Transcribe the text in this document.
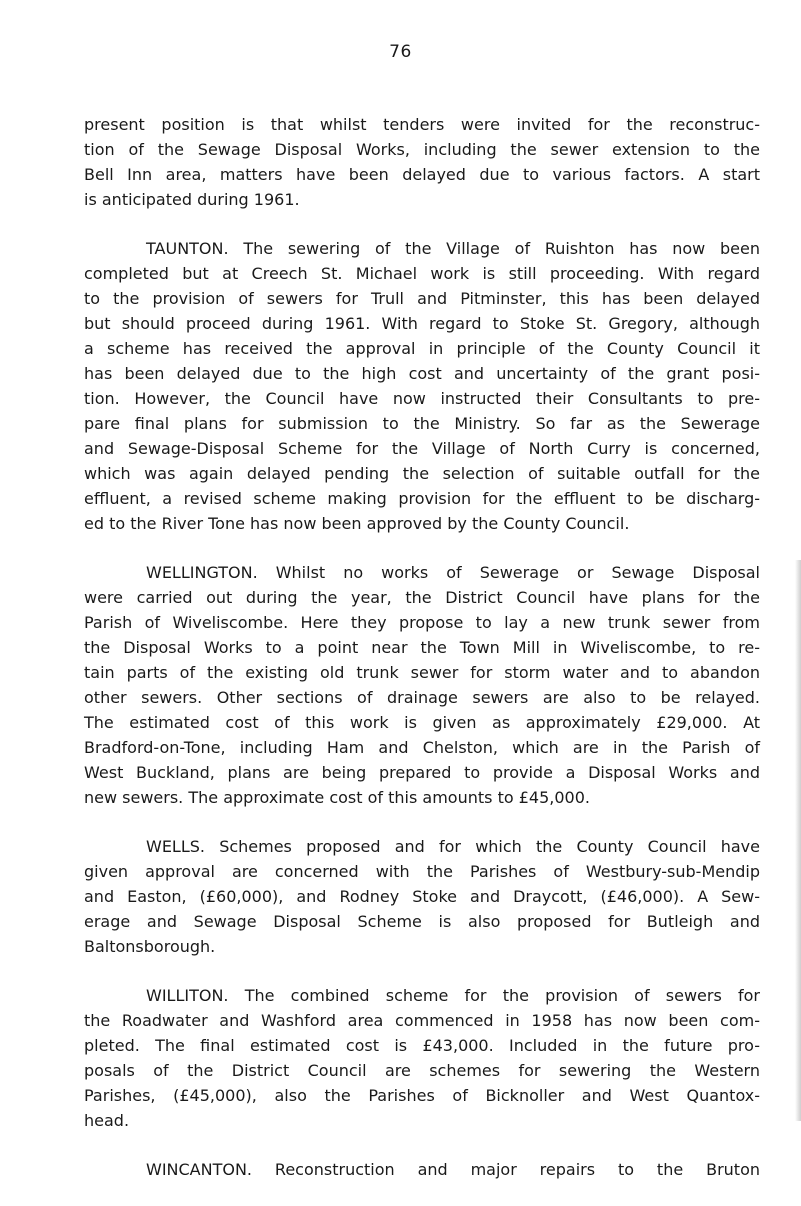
76
present position is that whilst tenders were invited for the reconstruc-
tion of the Sewage Disposal Works, including the sewer extension to the
Bell Inn area, matters have been delayed due to various factors. A start
is anticipated during 1961.
TAUNTON. The sewering of the Village of Ruishton has now been
completed but at Creech St. Michael work is still proceeding. With regard
to the provision of sewers for Trull and Pitminster, this has been delayed
but should proceed during 1961. With regard to Stoke St. Gregory, although
a scheme has received the approval in principle of the County Council it
has been delayed due to the high cost and uncertainty of the grant posi-
tion. However, the Council have now instructed their Consultants to pre-
pare final plans for submission to the Ministry. So far as the Sewerage
and Sewage-Disposal Scheme for the Village of North Curry is concerned,
which was again delayed pending the selection of suitable outfall for the
effluent, a revised scheme making provision for the effluent to be discharg-
ed to the River Tone has now been approved by the County Council.
WELLINGTON. Whilst no works of Sewerage or Sewage Disposal
were carried out during the year, the District Council have plans for the
Parish of Wiveliscombe. Here they propose to lay a new trunk sewer from
the Disposal Works to a point near the Town Mill in Wiveliscombe, to re-
tain parts of the existing old trunk sewer for storm water and to abandon
other sewers. Other sections of drainage sewers are also to be relayed.
The estimated cost of this work is given as approximately £29,000. At
Bradford-on-Tone, including Ham and Chelston, which are in the Parish of
West Buckland, plans are being prepared to provide a Disposal Works and
new sewers. The approximate cost of this amounts to £45,000.
WELLS. Schemes proposed and for which the County Council have
given approval are concerned with the Parishes of Westbury-sub-Mendip
and Easton, (£60,000), and Rodney Stoke and Draycott, (£46,000). A Sew-
erage and Sewage Disposal Scheme is also proposed for Butleigh and
Baltonsborough.
WILLITON. The combined scheme for the provision of sewers for
the Roadwater and Washford area commenced in 1958 has now been com-
pleted. The final estimated cost is £43,000. Included in the future pro-
posals of the District Council are schemes for sewering the Western
Parishes, (£45,000), also the Parishes of Bicknoller and West Quantox-
head.
WINCANTON. Reconstruction and major repairs to the Bruton
